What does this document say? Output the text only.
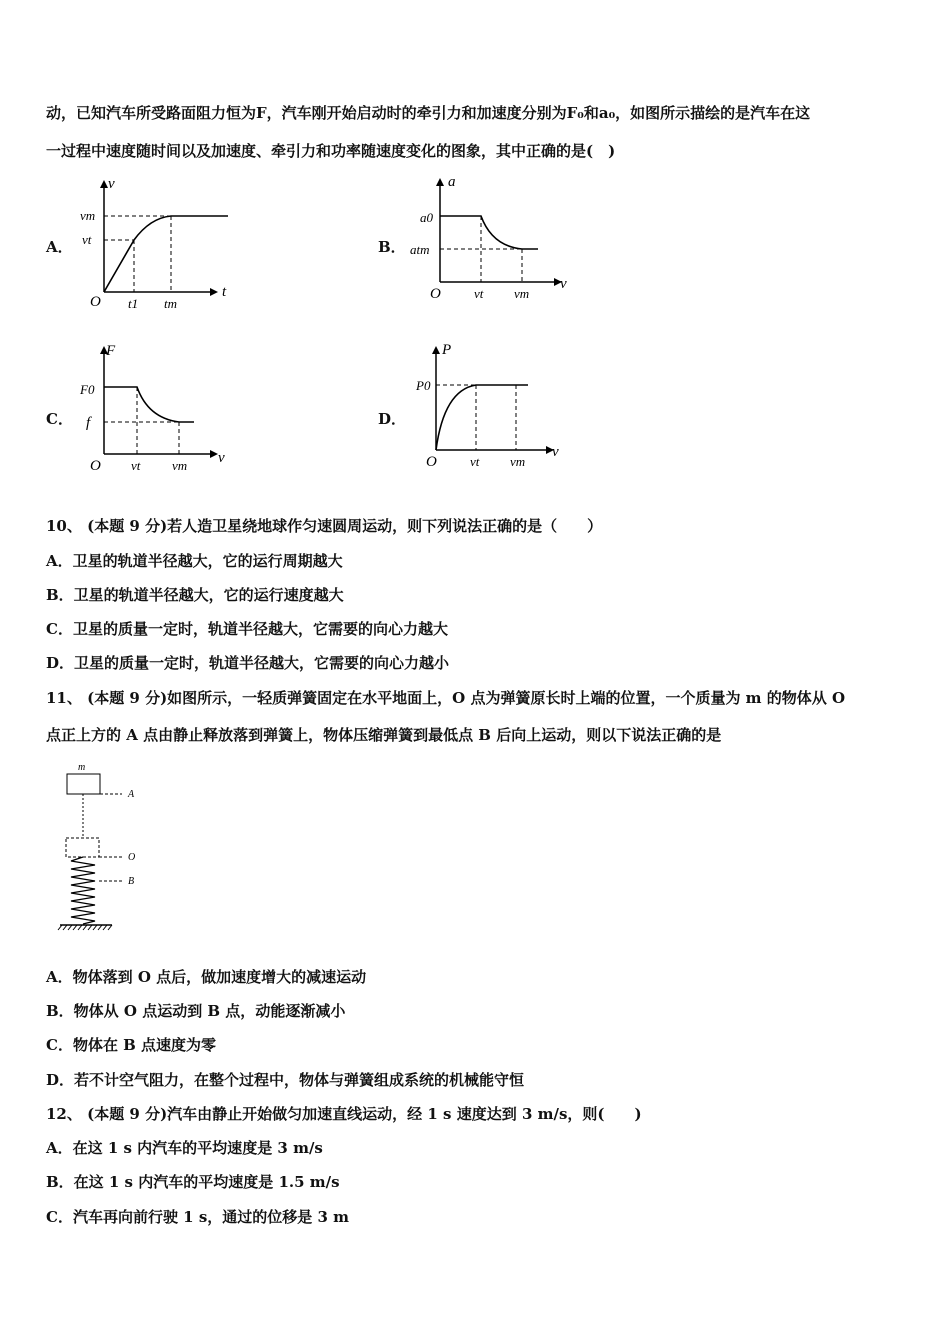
动，已知汽车所受路面阻力恒为F，汽车刚开始启动时的牵引力和加速度分别为F₀和a₀，如图所示描绘的是汽车在这
一过程中速度随时间以及加速度、牵引力和功率随速度变化的图象，其中正确的是(　)
A．
v
t
vm
vt
O t1 tm
B．
a
v
a0
atm
O	vt vm
C．
F
v
F0
f
O vt vm
D．
P
v
P0
O	vt vm
10、 (本题 9 分)若人造卫星绕地球作匀速圆周运动，则下列说法正确的是（　　）
A．卫星的轨道半径越大，它的运行周期越大
B．卫星的轨道半径越大，它的运行速度越大
C．卫星的质量一定时，轨道半径越大，它需要的向心力越大
D．卫星的质量一定时，轨道半径越大，它需要的向心力越小
11、 (本题 9 分)如图所示，一轻质弹簧固定在水平地面上，O 点为弹簧原长时上端的位置，一个质量为 m 的物体从 O
点正上方的 A 点由静止释放落到弹簧上，物体压缩弹簧到最低点 B 后向上运动，则以下说法正确的是
m
A
O
B
A．物体落到 O 点后，做加速度增大的减速运动
B．物体从 O 点运动到 B 点，动能逐渐减小
C．物体在 B 点速度为零
D．若不计空气阻力，在整个过程中，物体与弹簧组成系统的机械能守恒
12、 (本题 9 分)汽车由静止开始做匀加速直线运动，经 1 s 速度达到 3 m/s，则(　　)
A．在这 1 s 内汽车的平均速度是 3 m/s
B．在这 1 s 内汽车的平均速度是 1.5 m/s
C．汽车再向前行驶 1 s，通过的位移是 3 m
